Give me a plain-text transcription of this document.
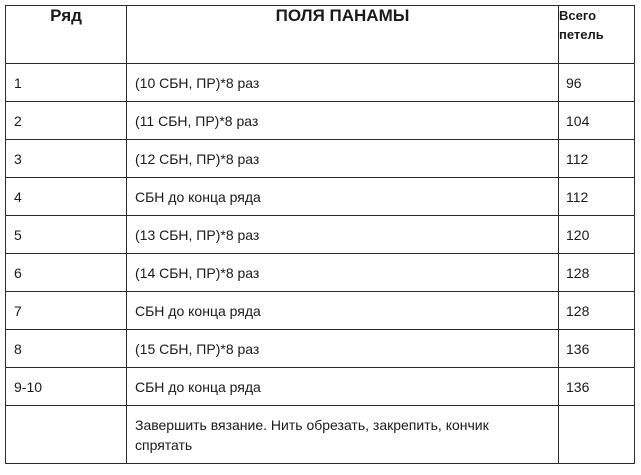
Ряд	ПОЛЯ ПАНАМЫ	Всего петель

1	(10 СБН, ПР)*8 раз	96
2	(11 СБН, ПР)*8 раз	104
3	(12 СБН, ПР)*8 раз	112
4	СБН до конца ряда	112
5	(13 СБН, ПР)*8 раз	120
6	(14 СБН, ПР)*8 раз	128
7	СБН до конца ряда	128
8	(15 СБН, ПР)*8 раз	136
9-10	СБН до конца ряда	136

	Завершить вязание. Нить обрезать, закрепить, кончик спрятать	
